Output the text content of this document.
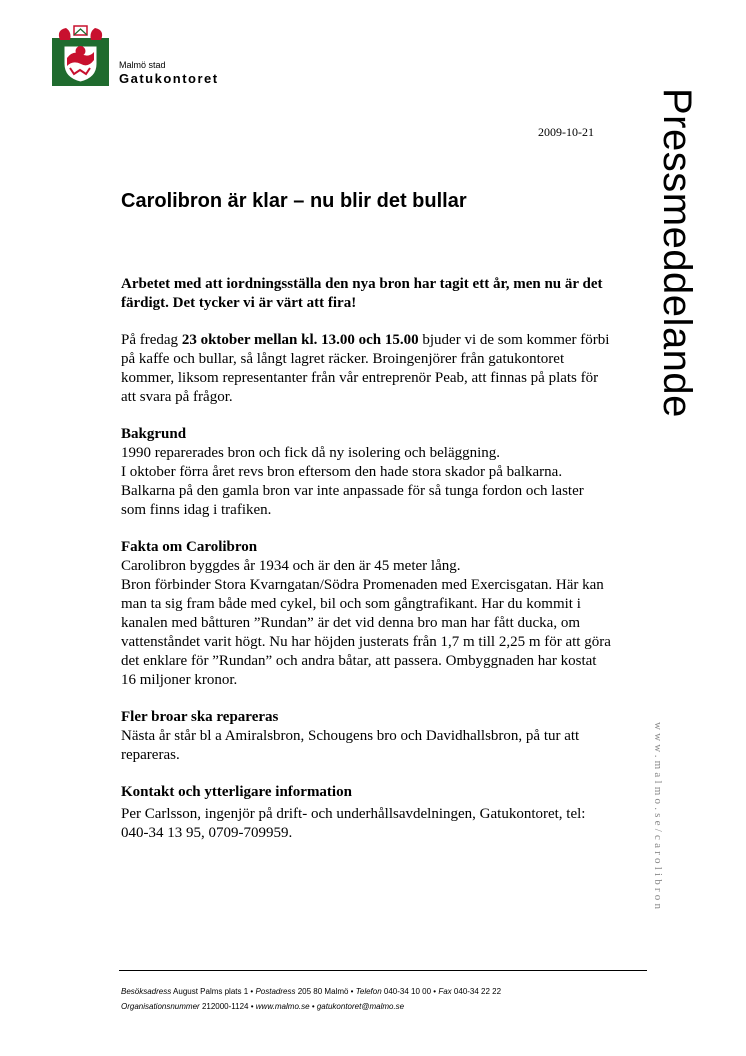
Malmö stad
Gatukontoret
2009-10-21 Pressmeddelande
www.malmo.se/carolibron
Carolibron är klar – nu blir det bullar

Arbetet med att iordningsställa den nya bron har tagit ett år, men nu är det färdigt. Det tycker vi är värt att fira!

På fredag 23 oktober mellan kl. 13.00 och 15.00 bjuder vi de som kommer förbi på kaffe och bullar, så långt lagret räcker. Broingenjörer från gatukontoret kommer, liksom representanter från vår entreprenör Peab, att finnas på plats för att svara på frågor.

Bakgrund

1990 reparerades bron och fick då ny isolering och beläggning.

I oktober förra året revs bron eftersom den hade stora skador på balkarna. Balkarna på den gamla bron var inte anpassade för så tunga fordon och laster som finns idag i trafiken.

Fakta om Carolibron

Carolibron byggdes år 1934 och är den är 45 meter lång.

Bron förbinder Stora Kvarngatan/Södra Promenaden med Exercisgatan. Här kan man ta sig fram både med cykel, bil och som gångtrafikant. Har du kommit i kanalen med båtturen ”Rundan” är det vid denna bro man har fått ducka, om vattenståndet varit högt. Nu har höjden justerats från 1,7 m till 2,25 m för att göra det enklare för ”Rundan” och andra båtar, att passera. Ombyggnaden har kostat 16 miljoner kronor.

Fler broar ska repareras

Nästa år står bl a Amiralsbron, Schougens bro och Davidhallsbron, på tur att repareras.

Kontakt och ytterligare information

Per Carlsson, ingenjör på drift- och underhållsavdelningen, Gatukontoret, tel: 040-34 13 95, 0709-709959.

Besöksadress August Palms plats 1 • Postadress 205 80 Malmö • Telefon 040-34 10 00 • Fax 040-34 22 22
Organisationsnummer 212000-1124 • www.malmo.se • gatukontoret@malmo.se
